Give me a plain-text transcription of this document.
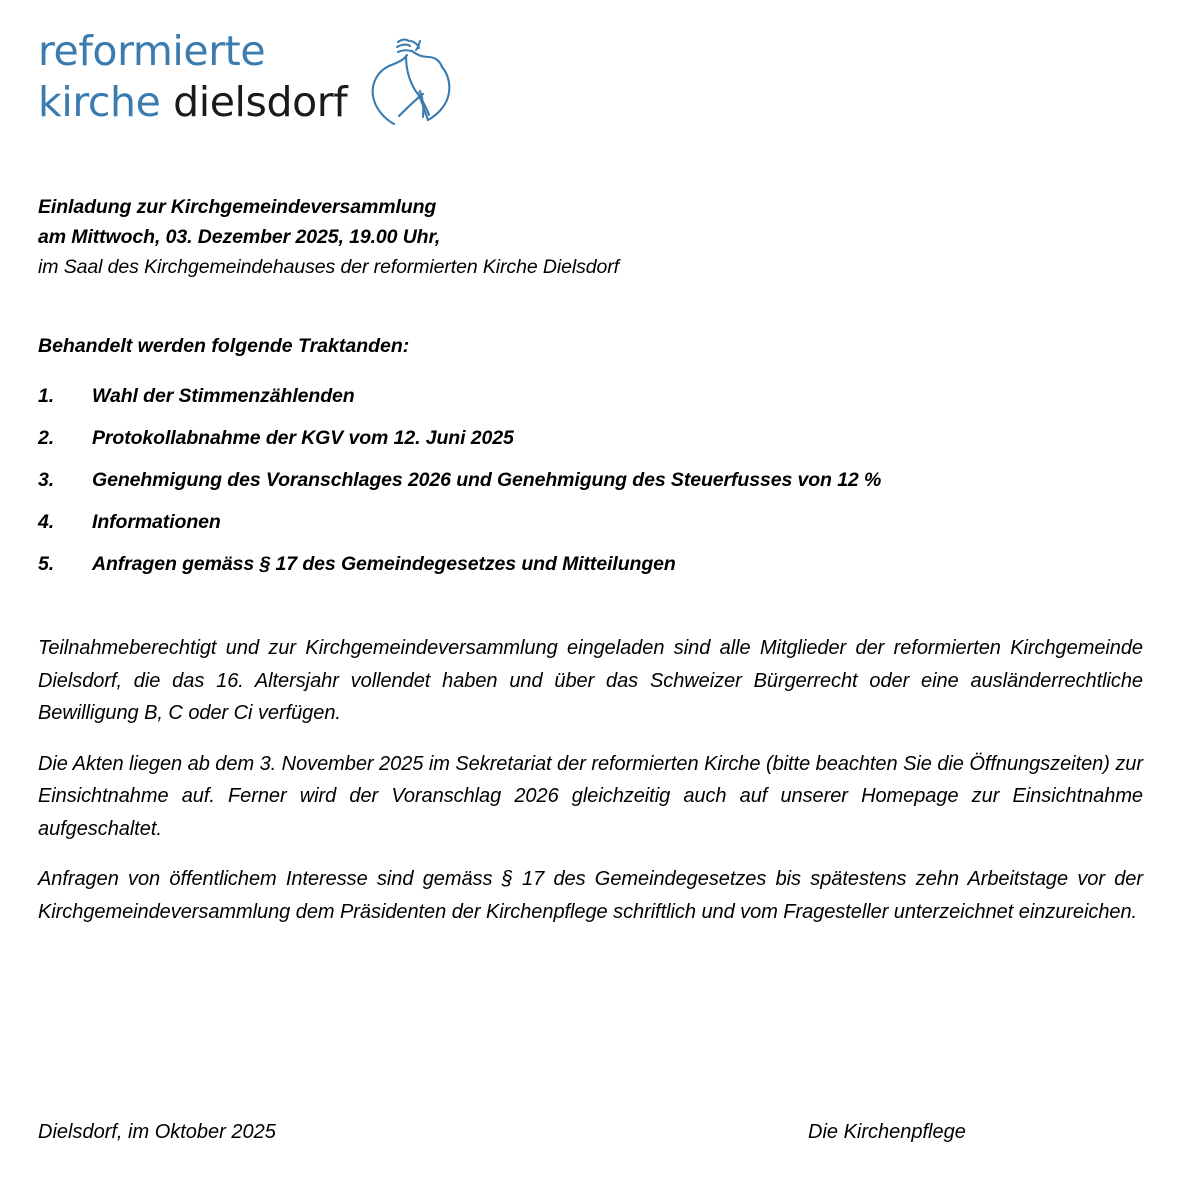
reformierte
kirche dielsdorf
Einladung zur Kirchgemeindeversammlung
am Mittwoch, 03. Dezember 2025, 19.00 Uhr,
im Saal des Kirchgemeindehauses der reformierten Kirche Dielsdorf
Behandelt werden folgende Traktanden:
1.	Wahl der Stimmenzählenden
2.	Protokollabnahme der KGV vom 12. Juni 2025
3.	Genehmigung des Voranschlages 2026 und Genehmigung des Steuerfusses von 12 %
4.	Informationen
5.	Anfragen gemäss § 17 des Gemeindegesetzes und Mitteilungen

Teilnahmeberechtigt und zur Kirchgemeindeversammlung eingeladen sind alle Mitglieder der reformierten Kirchgemeinde Dielsdorf, die das 16. Altersjahr vollendet haben und über das Schweizer Bürgerrecht oder eine ausländerrechtliche Bewilligung B, C oder Ci verfügen.

Die Akten liegen ab dem 3. November 2025 im Sekretariat der reformierten Kirche (bitte beachten Sie die Öffnungszeiten) zur Einsichtnahme auf. Ferner wird der Voranschlag 2026 gleichzeitig auch auf unserer Homepage zur Einsichtnahme aufgeschaltet.

Anfragen von öffentlichem Interesse sind gemäss § 17 des Gemeindegesetzes bis spätestens zehn Arbeitstage vor der Kirchgemeindeversammlung dem Präsidenten der Kirchenpflege schriftlich und vom Fragesteller unterzeichnet einzureichen.

Dielsdorf, im Oktober 2025	Die Kirchenpflege
